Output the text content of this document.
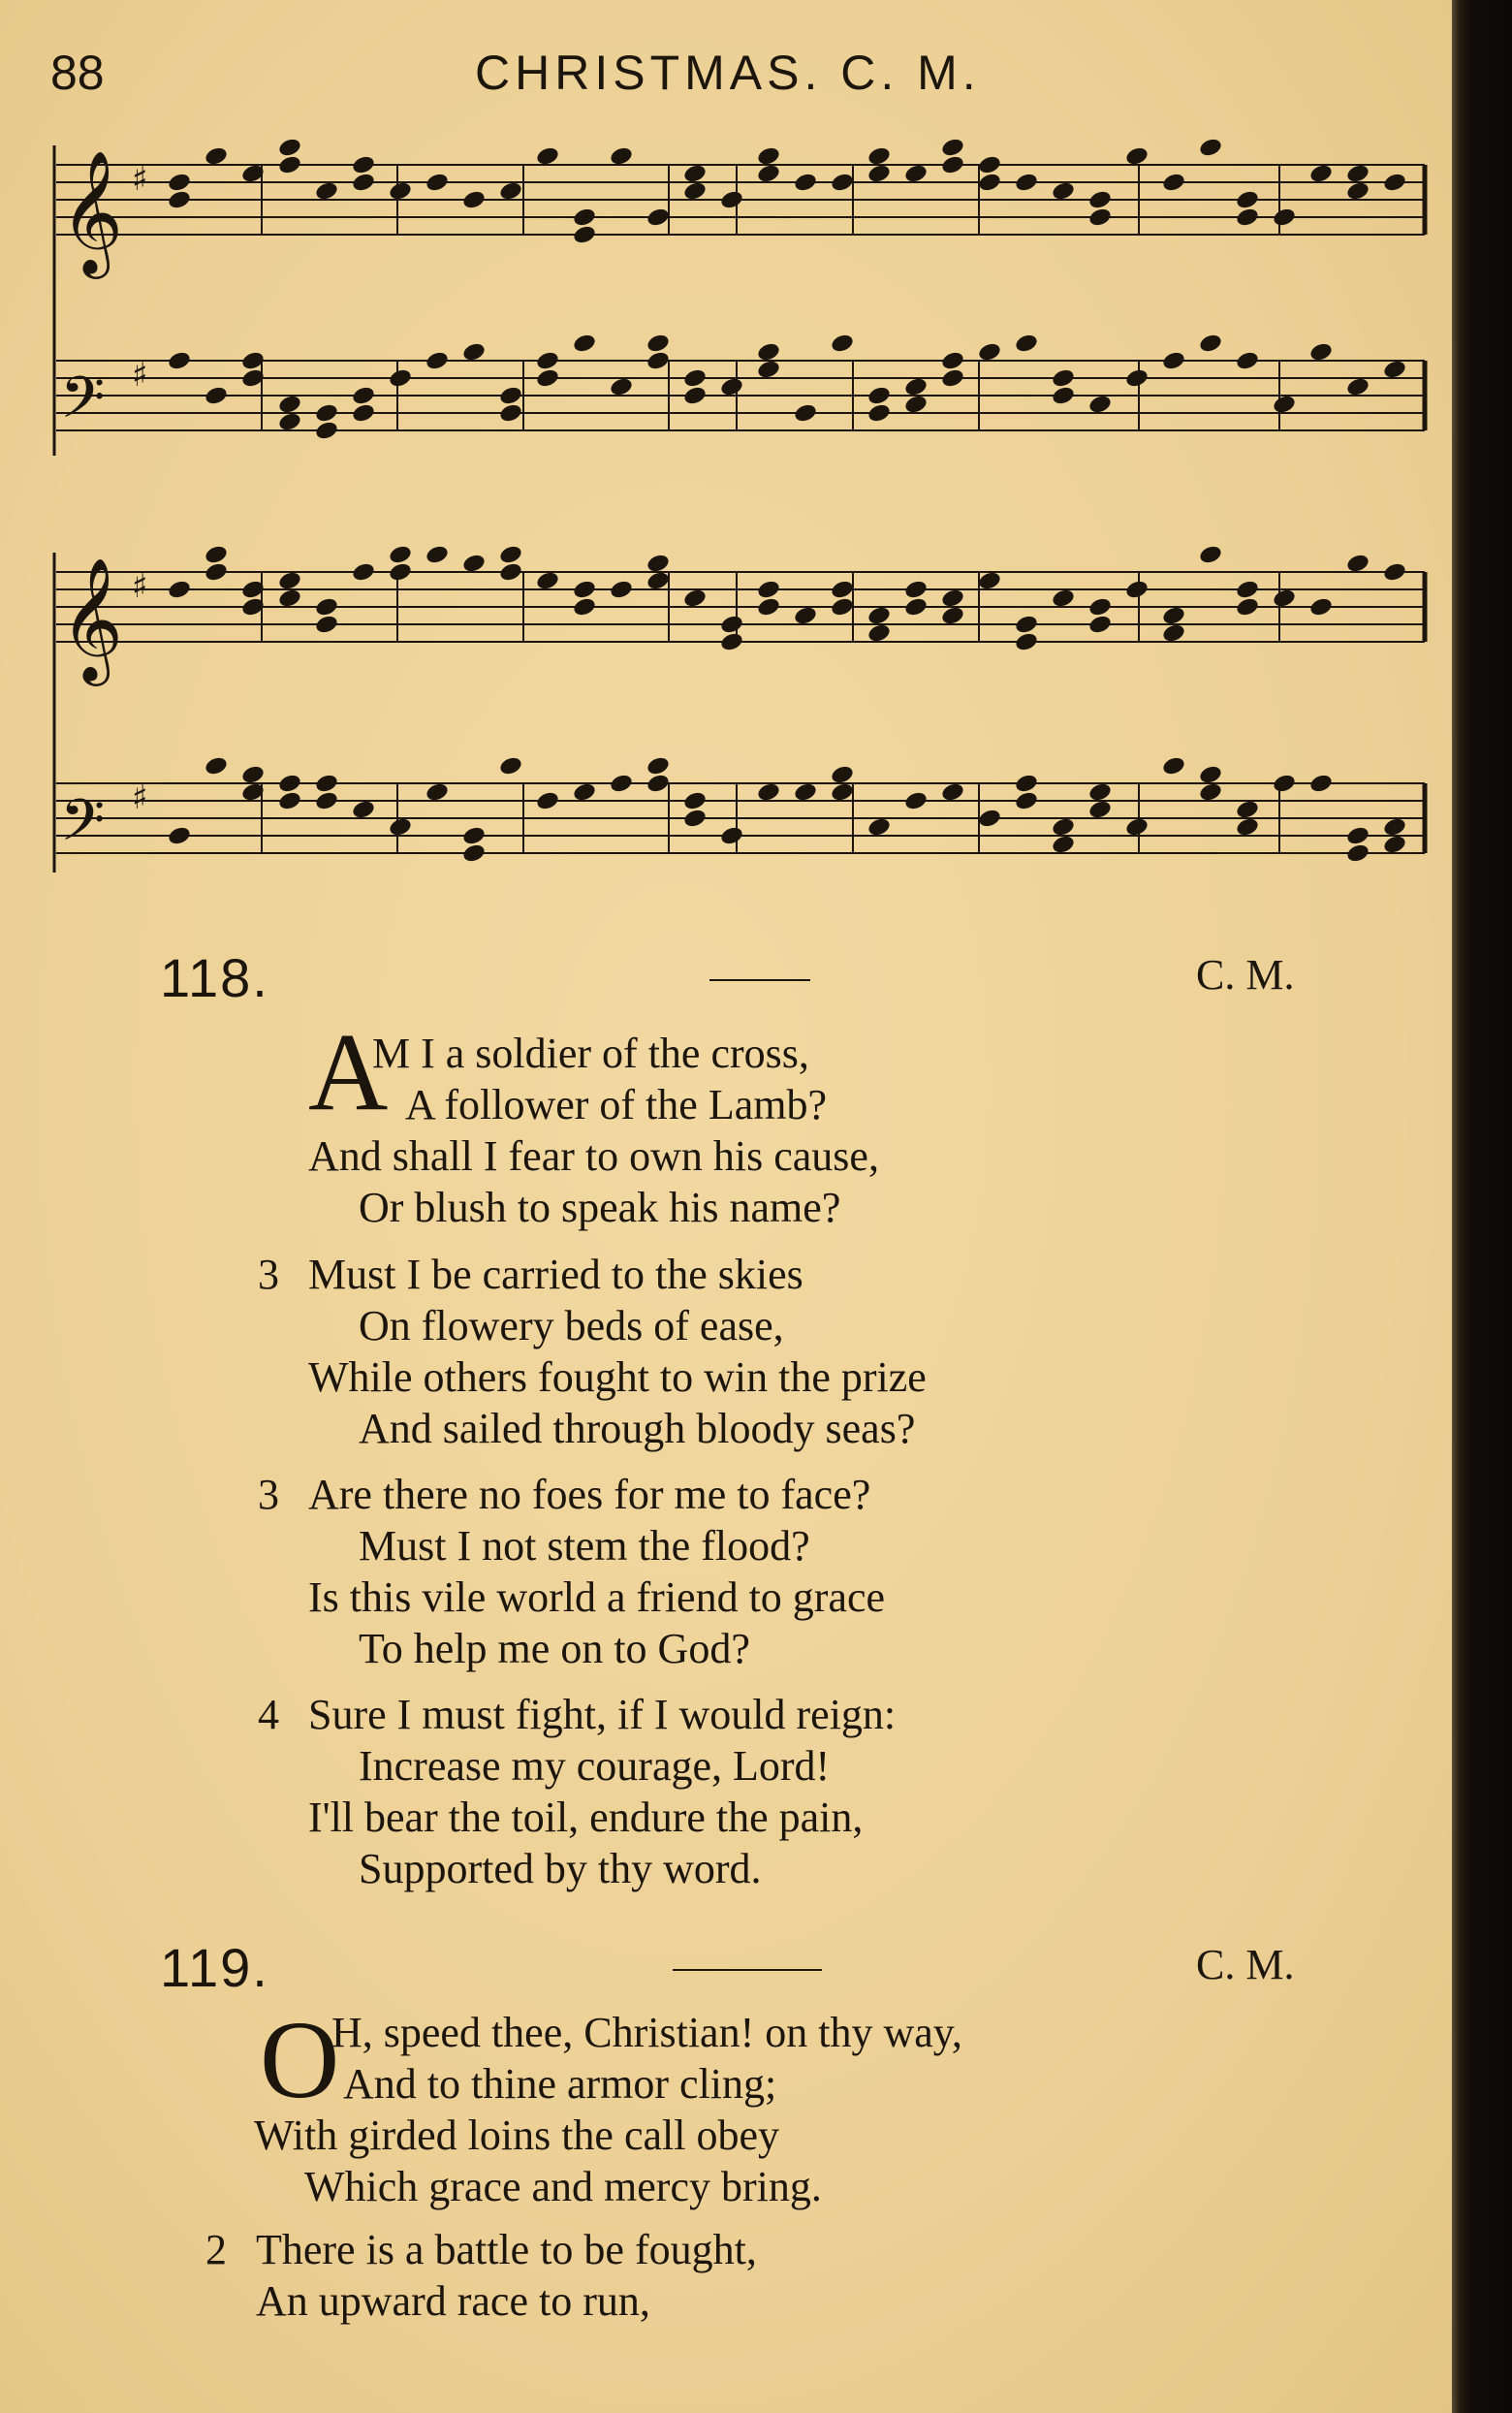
88	CHRISTMAS. C. M.
𝄞 ♯
𝄢 ♯
𝄞 ♯
𝄢 ♯
118.	C. M.
A
M I a soldier of the cross,
A follower of the Lamb?
And shall I fear to own his cause,
Or blush to speak his name?
3 Must I be carried to the skies
On flowery beds of ease,
While others fought to win the prize
And sailed through bloody seas?
3 Are there no foes for me to face?
Must I not stem the flood?
Is this vile world a friend to grace
To help me on to God?
4 Sure I must fight, if I would reign:
Increase my courage, Lord!
I'll bear the toil, endure the pain,
Supported by thy word.
119.	C. M.
O
H, speed thee, Christian! on thy way,
And to thine armor cling;
With girded loins the call obey
Which grace and mercy bring.
2 There is a battle to be fought,
An upward race to run,
